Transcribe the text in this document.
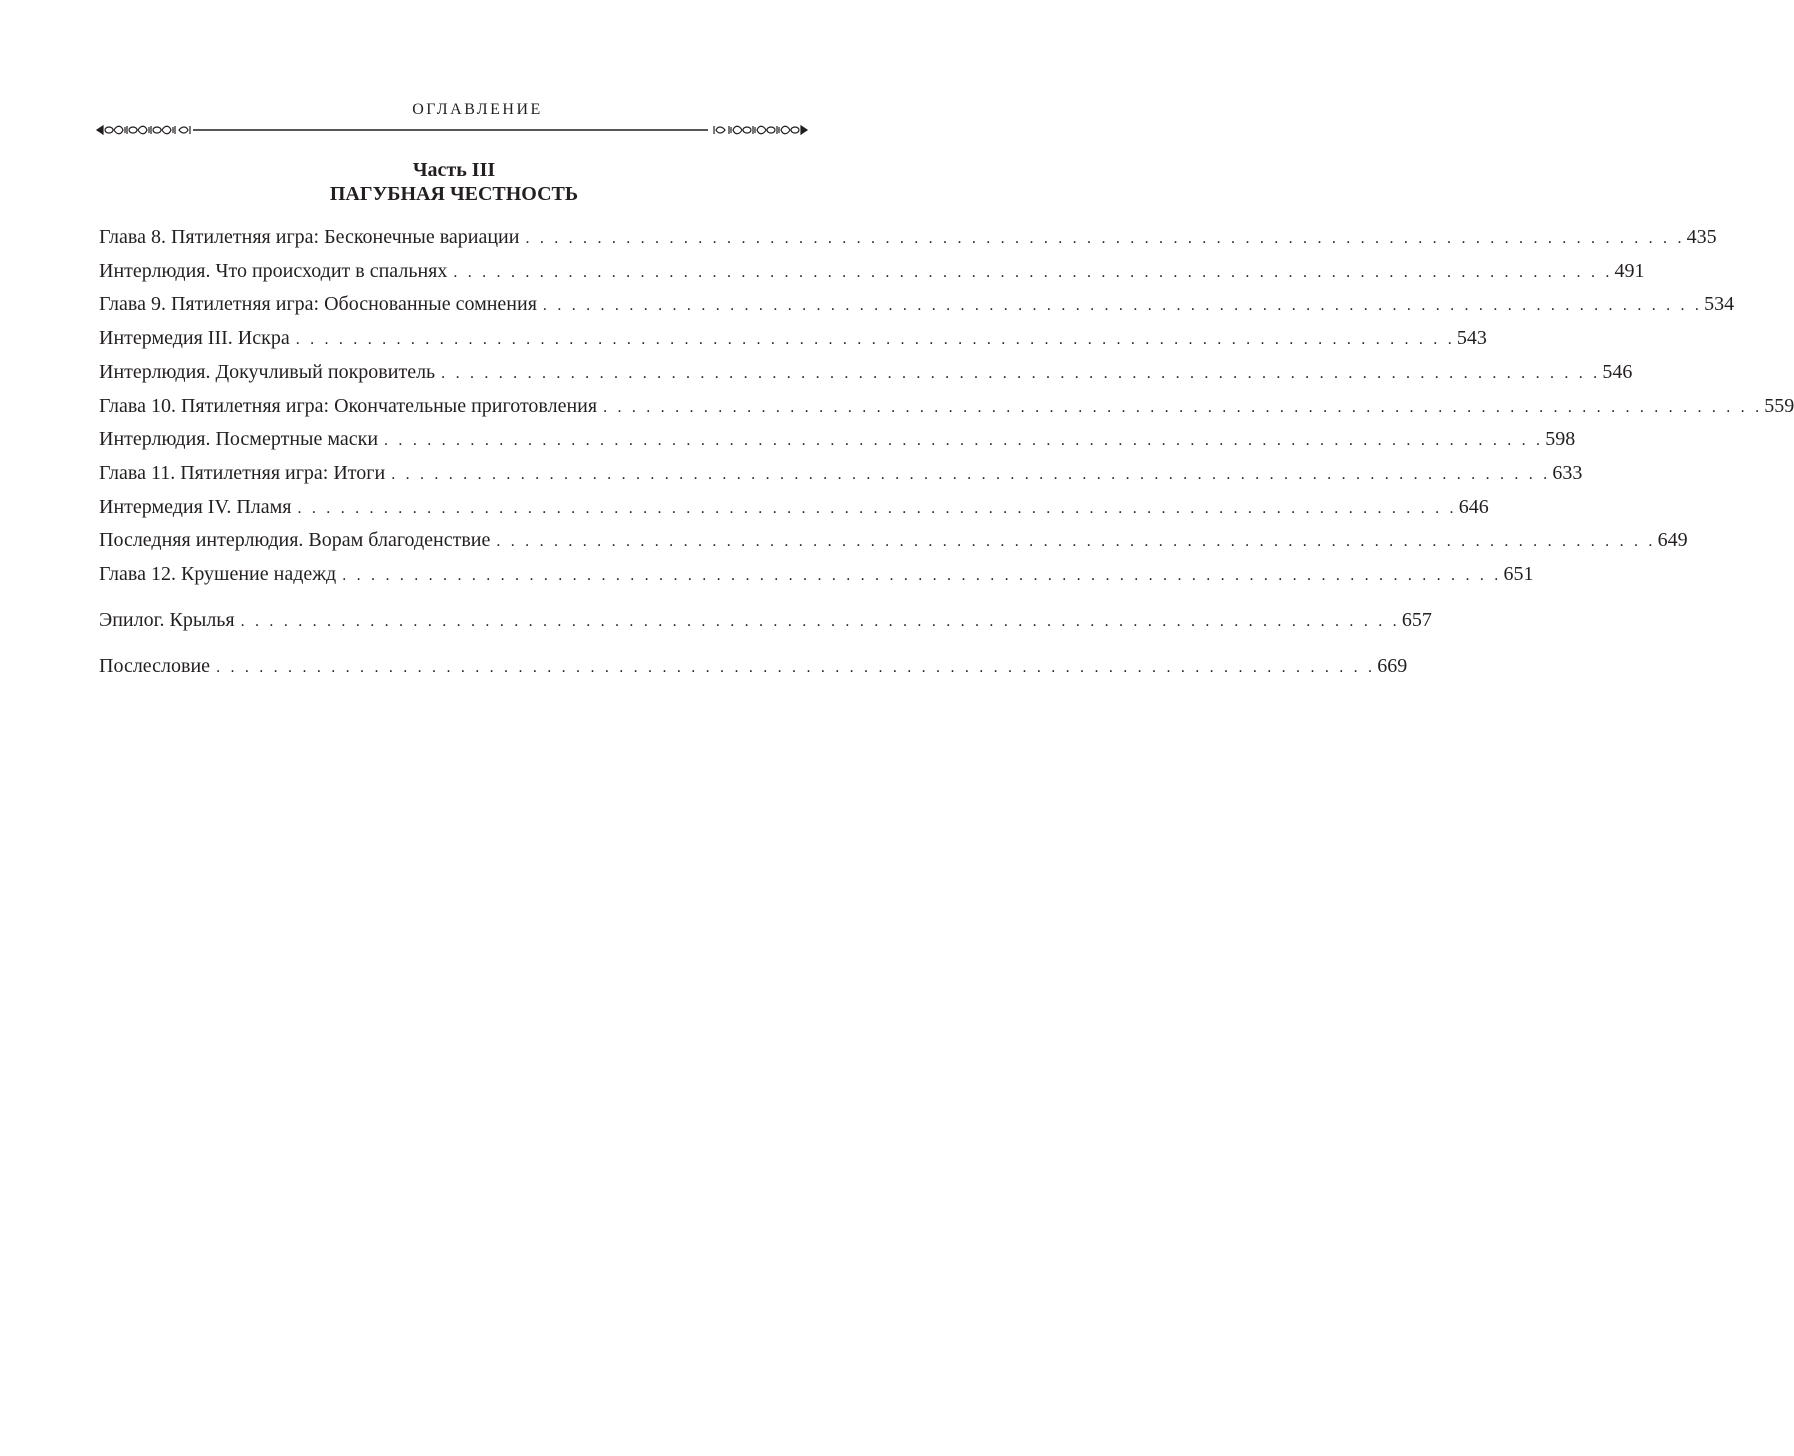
ОГЛАВЛЕНИЕ
Часть III
ПАГУБНАЯ ЧЕСТНОСТЬ
Глава 8. Пятилетняя игра: Бесконечные вариации . . . . . . . . . . . . . . . . . . . . . . . . . . . . . . . . . . . . . . . . . . . . . . . . . . . . . . . . . . . . . . . . . . . . . . . . . . . . . . . . . 435
Интерлюдия. Что происходит в спальнях . . . . . . . . . . . . . . . . . . . . . . . . . . . . . . . . . . . . . . . . . . . . . . . . . . . . . . . . . . . . . . . . . . . . . . . . . . . . . . . . . 491
Глава 9. Пятилетняя игра: Обоснованные сомнения . . . . . . . . . . . . . . . . . . . . . . . . . . . . . . . . . . . . . . . . . . . . . . . . . . . . . . . . . . . . . . . . . . . . . . . . . . . . . . . . . 534
Интермедия III. Искра . . . . . . . . . . . . . . . . . . . . . . . . . . . . . . . . . . . . . . . . . . . . . . . . . . . . . . . . . . . . . . . . . . . . . . . . . . . . . . . . . 543
Интерлюдия. Докучливый покровитель . . . . . . . . . . . . . . . . . . . . . . . . . . . . . . . . . . . . . . . . . . . . . . . . . . . . . . . . . . . . . . . . . . . . . . . . . . . . . . . . . 546
Глава 10. Пятилетняя игра: Окончательные приготовления . . . . . . . . . . . . . . . . . . . . . . . . . . . . . . . . . . . . . . . . . . . . . . . . . . . . . . . . . . . . . . . . . . . . . . . . . . . . . . . . . 559
Интерлюдия. Посмертные маски . . . . . . . . . . . . . . . . . . . . . . . . . . . . . . . . . . . . . . . . . . . . . . . . . . . . . . . . . . . . . . . . . . . . . . . . . . . . . . . . . 598
Глава 11. Пятилетняя игра: Итоги . . . . . . . . . . . . . . . . . . . . . . . . . . . . . . . . . . . . . . . . . . . . . . . . . . . . . . . . . . . . . . . . . . . . . . . . . . . . . . . . . 633
Интермедия IV. Пламя . . . . . . . . . . . . . . . . . . . . . . . . . . . . . . . . . . . . . . . . . . . . . . . . . . . . . . . . . . . . . . . . . . . . . . . . . . . . . . . . . 646
Последняя интерлюдия. Ворам благоденствие . . . . . . . . . . . . . . . . . . . . . . . . . . . . . . . . . . . . . . . . . . . . . . . . . . . . . . . . . . . . . . . . . . . . . . . . . . . . . . . . . 649
Глава 12. Крушение надежд . . . . . . . . . . . . . . . . . . . . . . . . . . . . . . . . . . . . . . . . . . . . . . . . . . . . . . . . . . . . . . . . . . . . . . . . . . . . . . . . . 651
Эпилог. Крылья . . . . . . . . . . . . . . . . . . . . . . . . . . . . . . . . . . . . . . . . . . . . . . . . . . . . . . . . . . . . . . . . . . . . . . . . . . . . . . . . . 657
Послесловие . . . . . . . . . . . . . . . . . . . . . . . . . . . . . . . . . . . . . . . . . . . . . . . . . . . . . . . . . . . . . . . . . . . . . . . . . . . . . . . . . 669
